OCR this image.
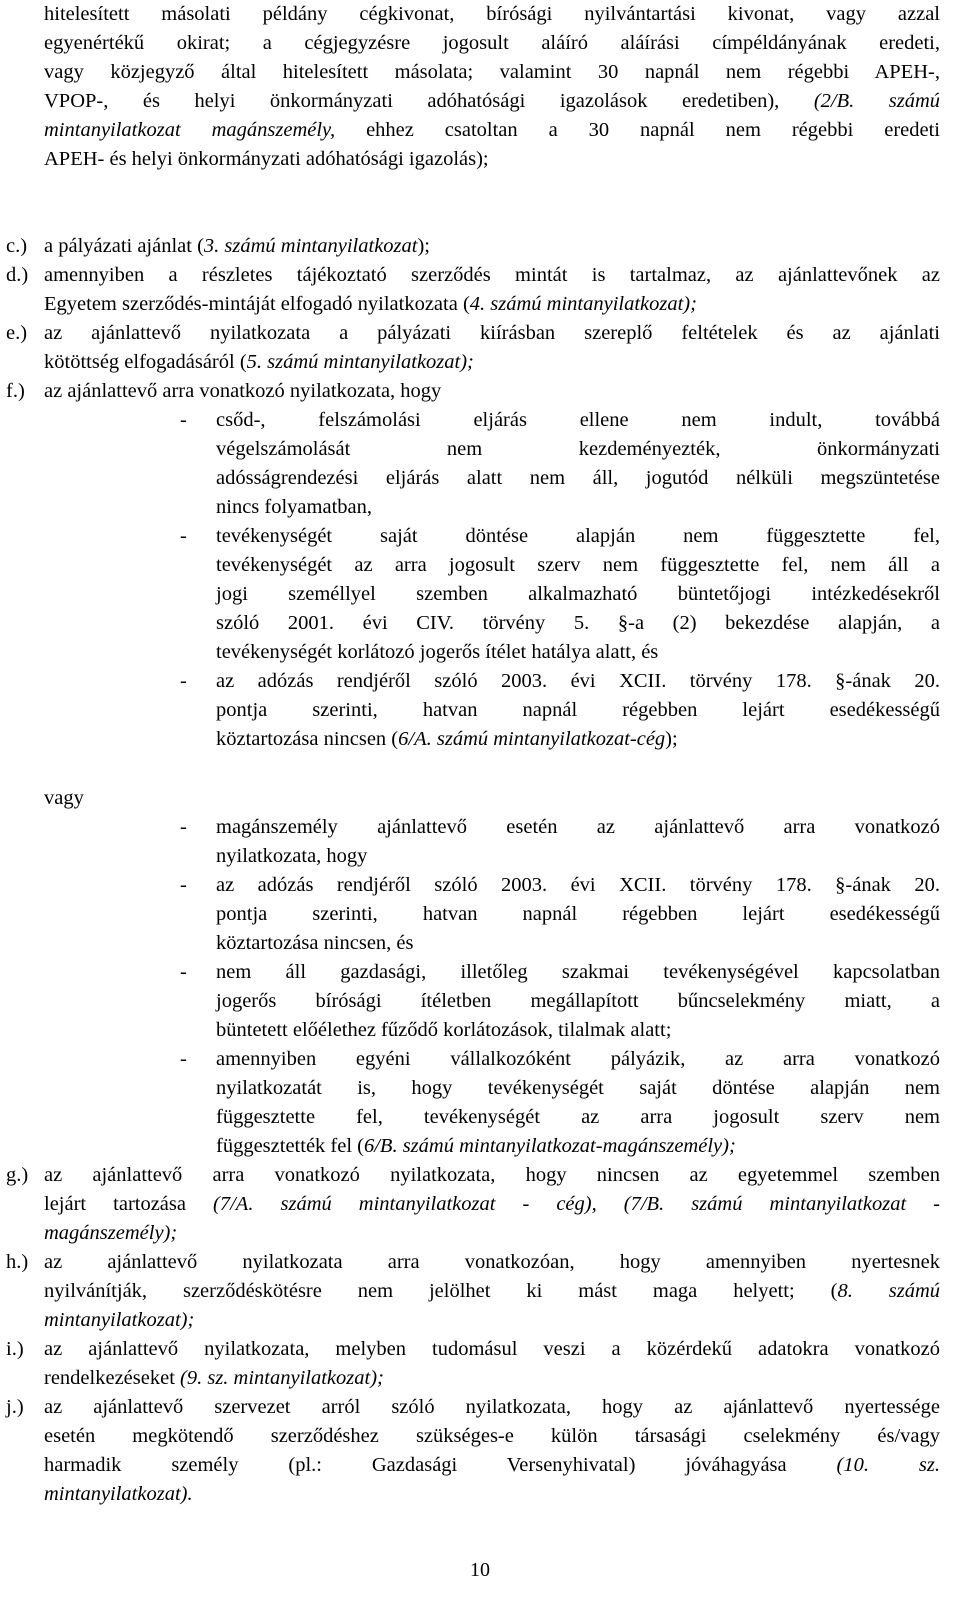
hitelesített másolati példány cégkivonat, bírósági nyilvántartási kivonat, vagy azzal
egyenértékű okirat; a cégjegyzésre jogosult aláíró aláírási címpéldányának eredeti,
vagy közjegyző által hitelesített másolata; valamint 30 napnál nem régebbi APEH-,
VPOP-, és helyi önkormányzati adóhatósági igazolások eredetiben), (2/B. számú
mintanyilatkozat magánszemély, ehhez csatoltan a 30 napnál nem régebbi eredeti
APEH- és helyi önkormányzati adóhatósági igazolás);
c.) a pályázati ajánlat (3. számú mintanyilatkozat);
d.) amennyiben a részletes tájékoztató szerződés mintát is tartalmaz, az ajánlattevőnek az
Egyetem szerződés-mintáját elfogadó nyilatkozata (4. számú mintanyilatkozat);
e.) az ajánlattevő nyilatkozata a pályázati kiírásban szereplő feltételek és az ajánlati
kötöttség elfogadásáról (5. számú mintanyilatkozat);
f.) az ajánlattevő arra vonatkozó nyilatkozata, hogy
- csőd-, felszámolási eljárás ellene nem indult, továbbá
végelszámolását nem kezdeményezték, önkormányzati
adósságrendezési eljárás alatt nem áll, jogutód nélküli megszüntetése
nincs folyamatban,
- tevékenységét saját döntése alapján nem függesztette fel,
tevékenységét az arra jogosult szerv nem függesztette fel, nem áll a
jogi személlyel szemben alkalmazható büntetőjogi intézkedésekről
szóló 2001. évi CIV. törvény 5. §-a (2) bekezdése alapján, a
tevékenységét korlátozó jogerős ítélet hatálya alatt, és
- az adózás rendjéről szóló 2003. évi XCII. törvény 178. §-ának 20.
pontja szerinti, hatvan napnál régebben lejárt esedékességű
köztartozása nincsen (6/A. számú mintanyilatkozat-cég);
vagy
- magánszemély ajánlattevő esetén az ajánlattevő arra vonatkozó
nyilatkozata, hogy
- az adózás rendjéről szóló 2003. évi XCII. törvény 178. §-ának 20.
pontja szerinti, hatvan napnál régebben lejárt esedékességű
köztartozása nincsen, és
- nem áll gazdasági, illetőleg szakmai tevékenységével kapcsolatban
jogerős bírósági ítéletben megállapított bűncselekmény miatt, a
büntetett előélethez fűződő korlátozások, tilalmak alatt;
- amennyiben egyéni vállalkozóként pályázik, az arra vonatkozó
nyilatkozatát is, hogy tevékenységét saját döntése alapján nem
függesztette fel, tevékenységét az arra jogosult szerv nem
függesztették fel (6/B. számú mintanyilatkozat-magánszemély);
g.) az ajánlattevő arra vonatkozó nyilatkozata, hogy nincsen az egyetemmel szemben
lejárt tartozása (7/A. számú mintanyilatkozat - cég), (7/B. számú mintanyilatkozat -
magánszemély);
h.) az ajánlattevő nyilatkozata arra vonatkozóan, hogy amennyiben nyertesnek
nyilvánítják, szerződéskötésre nem jelölhet ki mást maga helyett; (8. számú
mintanyilatkozat);
i.) az ajánlattevő nyilatkozata, melyben tudomásul veszi a közérdekű adatokra vonatkozó
rendelkezéseket (9. sz. mintanyilatkozat);
j.) az ajánlattevő szervezet arról szóló nyilatkozata, hogy az ajánlattevő nyertessége
esetén megkötendő szerződéshez szükséges-e külön társasági cselekmény és/vagy
harmadik személy (pl.: Gazdasági Versenyhivatal) jóváhagyása (10. sz.
mintanyilatkozat).
10
